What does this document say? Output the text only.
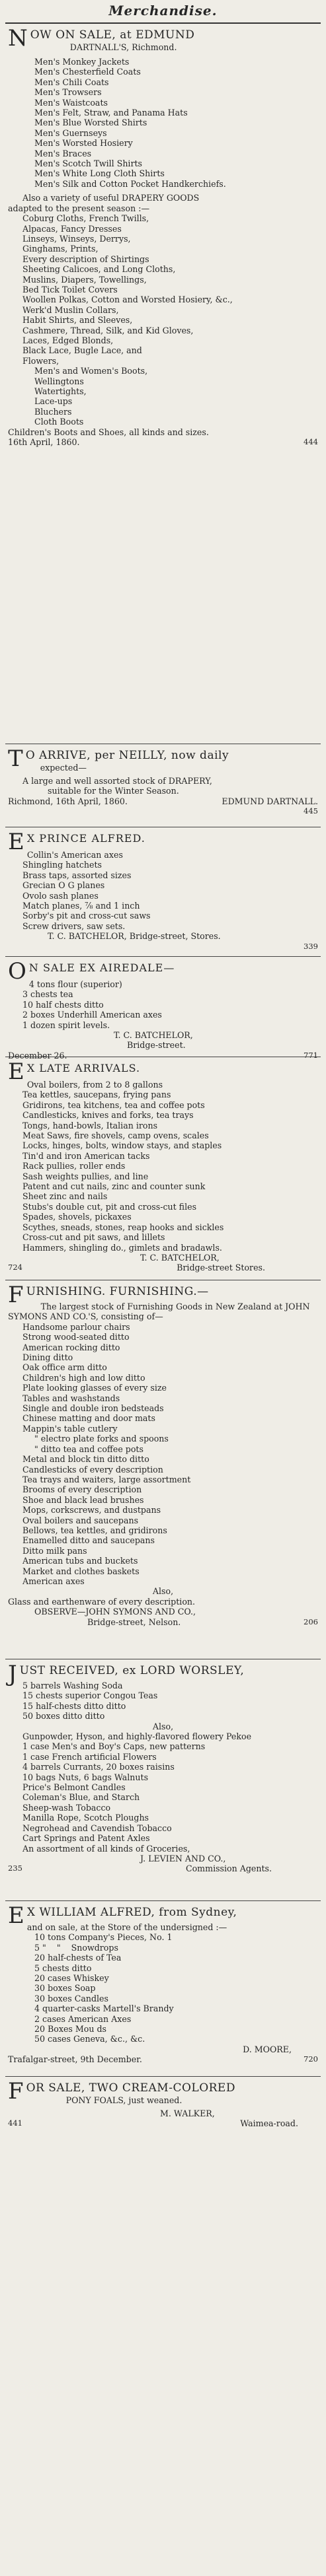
Merchandise.
N OW ON SALE, at EDMUND
DARTNALL'S, Richmond.
Men's Monkey Jackets
Men's Chesterfield Coats
Men's Chili Coats
Men's Trowsers
Men's Waistcoats
Men's Felt, Straw, and Panama Hats
Men's Blue Worsted Shirts
Men's Guernseys
Men's Worsted Hosiery
Men's Braces
Men's Scotch Twill Shirts
Men's White Long Cloth Shirts
Men's Silk and Cotton Pocket Handkerchiefs.
Also a variety of useful DRAPERY GOODS
adapted to the present season :—
Coburg Cloths, French Twills,
Alpacas, Fancy Dresses
Linseys, Winseys, Derrys,
Ginghams, Prints,
Every description of Shirtings
Sheeting Calicoes, and Long Cloths,
Muslins, Diapers, Towellings,
Bed Tick Toilet Covers
Woollen Polkas, Cotton and Worsted Hosiery, &c.,
Werk'd Muslin Collars,
Habit Shirts, and Sleeves,
Cashmere, Thread, Silk, and Kid Gloves,
Laces, Edged Blonds,
Black Lace, Bugle Lace, and
Flowers,
Men's and Women's Boots,
Wellingtons
Watertights,
Lace-ups
Bluchers
Cloth Boots
Children's Boots and Shoes, all kinds and sizes.
16th April, 1860.	444
T O ARRIVE, per NEILLY, now daily
expected—
A large and well assorted stock of DRAPERY,
suitable for the Winter Season.
Richmond, 16th April, 1860.	EDMUND DARTNALL.
445
E X PRINCE ALFRED.
Collin's American axes
Shingling hatchets
Brass taps, assorted sizes
Grecian O G planes
Ovolo sash planes
Match planes, ⅞ and 1 inch
Sorby's pit and cross-cut saws
Screw drivers, saw sets.
T. C. BATCHELOR, Bridge-street, Stores.
339
O N SALE EX AIREDALE—
4 tons flour (superior)
3 chests tea
10 half chests ditto
2 boxes Underhill American axes
1 dozen spirit levels.
T. C. BATCHELOR,
Bridge-street.
December 26.	771
E X LATE ARRIVALS.
Oval boilers, from 2 to 8 gallons
Tea kettles, saucepans, frying pans
Gridirons, tea kitchens, tea and coffee pots
Candlesticks, knives and forks, tea trays
Tongs, hand-bowls, Italian irons
Meat Saws, fire shovels, camp ovens, scales
Locks, hinges, bolts, window stays, and staples
Tin'd and iron American tacks
Rack pullies, roller ends
Sash weights pullies, and line
Patent and cut nails, zinc and counter sunk
Sheet zinc and nails
Stubs's double cut, pit and cross-cut files
Spades, shovels, pickaxes
Scythes, sneads, stones, reap hooks and sickles
Cross-cut and pit saws, and lillets
Hammers, shingling do., gimlets and bradawls.
T. C. BATCHELOR,
724	Bridge-street Stores.
F URNISHING. FURNISHING.—
The largest stock of Furnishing Goods in New Zealand at JOHN SYMONS AND CO.'S, consisting of—
Handsome parlour chairs
Strong wood-seated ditto
American rocking ditto
Dining ditto
Oak office arm ditto
Children's high and low ditto
Plate looking glasses of every size
Tables and washstands
Single and double iron bedsteads
Chinese matting and door mats
Mappin's table cutlery
" electro plate forks and spoons
" ditto tea and coffee pots
Metal and block tin ditto ditto
Candlesticks of every description
Tea trays and waiters, large assortment
Brooms of every description
Shoe and black lead brushes
Mops, corkscrews, and dustpans
Oval boilers and saucepans
Bellows, tea kettles, and gridirons
Enamelled ditto and saucepans
Ditto milk pans
American tubs and buckets
Market and clothes baskets
American axes
Also,
Glass and earthenware of every description.
OBSERVE—JOHN SYMONS AND CO.,
Bridge-street, Nelson.	206
J UST RECEIVED, ex LORD WORSLEY,
5 barrels Washing Soda
15 chests superior Congou Teas
15 half-chests ditto ditto
50 boxes ditto ditto
Also,
Gunpowder, Hyson, and highly-flavored flowery Pekoe
1 case Men's and Boy's Caps, new patterns
1 case French artificial Flowers
4 barrels Currants, 20 boxes raisins
10 bags Nuts, 6 bags Walnuts
Price's Belmont Candles
Coleman's Blue, and Starch
Sheep-wash Tobacco
Manilla Rope, Scotch Ploughs
Negrohead and Cavendish Tobacco
Cart Springs and Patent Axles
An assortment of all kinds of Groceries,
J. LEVIEN AND CO.,
235	Commission Agents.
E X WILLIAM ALFRED, from Sydney,
and on sale, at the Store of the undersigned :—
10 tons Company's Pieces, No. 1
5 "    "    Snowdrops
20 half-chests of Tea
5 chests ditto
20 cases Whiskey
30 boxes Soap
30 boxes Candles
4 quarter-casks Martell's Brandy
2 cases American Axes
20 Boxes Mou ds
50 cases Geneva, &c., &c.
D. MOORE,
Trafalgar-street, 9th December.	720
F OR SALE, TWO CREAM-COLORED
PONY FOALS, just weaned.
M. WALKER,
441	Waimea-road.
